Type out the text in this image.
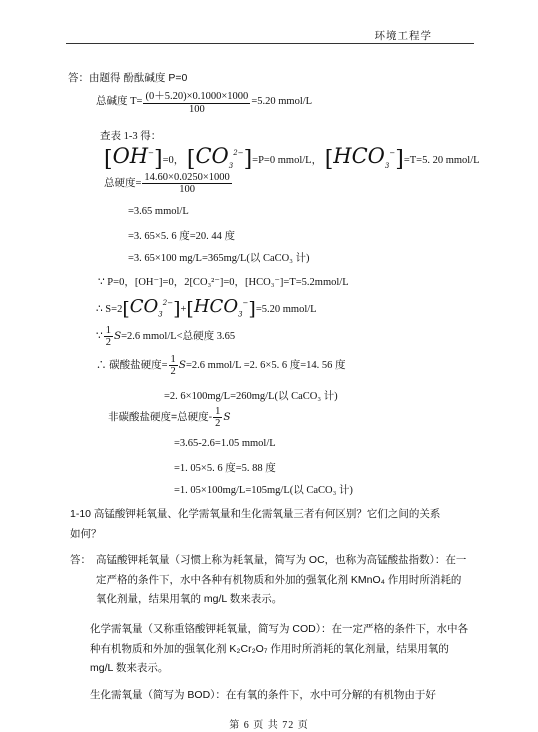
环境工程学
答：由题得 酚酞碱度 P=0
总碱度 $T= \frac{(0+5.20)\times 0.1000\times 1000}{100} =5.20$ mmol/L
查表 1-3 得：
[OH−]=0， $[CO_3^{2-}]=P=0$ mmol/L， $[HCO_3^-]=T=5$. 20 mmol/L
总硬度= $\frac{14.60\times 0.0250\times 1000}{100}$
=3.65 mmol/L
=3. 65×5. 6 度=20. 44 度
=3. 65×100 mg/L=365mg/L(以 CaCO₃ 计)
∵ P=0，[OH⁻]=0，2[CO₃²⁻]=0，[HCO₃⁻]=T=5.2mmol/L
∴ $S=2[CO_3^{2-}]+[HCO_3^-]=5.20$ mmol/L
∵ $\frac{1}{2} S=2.6$ mmol/L<总硬度 3.65
∴ 碳酸盐硬度= $\frac{1}{2} S=2.6$ mmol/L =2. 6×5. 6 度=14. 56 度
=2. 6×100mg/L=260mg/L(以 CaCO₃ 计)
非碳酸盐硬度=总硬度- $\frac{1}{2}$ S
=3.65-2.6=1.05 mmol/L
=1. 05×5. 6 度=5. 88 度
=1. 05×100mg/L=105mg/L(以 CaCO₃ 计)
1-10 高锰酸钾耗氧量、化学需氧量和生化需氧量三者有何区别？它们之间的关系
如何？
答： 高锰酸钾耗氧量（习惯上称为耗氧量，简写为 OC，也称为高锰酸盐指数）：在一定严格的条件下，水中各种有机物质和外加的强氧化剂 KMnO₄ 作用时所消耗的氧化剂量，结果用氧的 mg/L 数来表示。
化学需氧量（又称重铬酸钾耗氧量，简写为 COD）：在一定严格的条件下，水中各种有机物质和外加的强氧化剂 K₂Cr₂O₇ 作用时所消耗的氧化剂量，结果用氧的 mg/L 数来表示。
生化需氧量（简写为 BOD）：在有氧的条件下，水中可分解的有机物由于好
第 6 页 共 72 页
